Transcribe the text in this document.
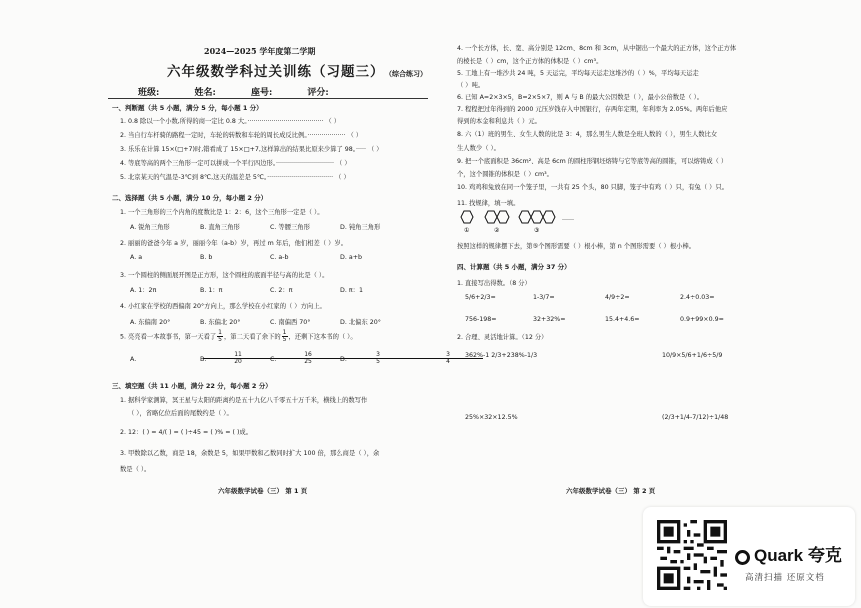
2024—2025 学年度第二学期
六年级数学科过关训练（习题三） （综合练习）
班级:	姓名:	座号:	评分:
一、判断题（共 5 小题，满分 5 分，每小题 1 分）
1. 0.8 除以一个小数,所得的商一定比 0.8 大。······································ （ ）
2. 当自行车杆骑的路程一定时，车轮的转数和车轮的周长成反比例。··················· （ ）
3. 乐乐在计算 15×(□+7)时,错看成了 15×□+7,这样算出的结果比原来少算了 98。····· （ ）
4. 等底等高的两个三角形一定可以拼成一个平行四边形。····························· （ ）
5. 北京某天的气温是-3℃到 8℃,这天的温差是 5℃。································· （ ）
二、选择题（共 5 小题，满分 10 分，每小题 2 分）
1. 一个三角形的三个内角的度数比是 1：2：6，这个三角形一定是（ ）。
A. 锐角三角形	B. 直角三角形	C. 等腰三角形	D. 钝角三角形
2. 丽丽的爸爸今年 a 岁，丽丽今年（a-b）岁，再过 m 年后，他们相差（ ）岁。
A. a	B. b	C. a-b	D. a+b
3. 一个圆柱的侧面展开图是正方形，这个圆柱的底面半径与高的比是（ ）。
A. 1：2π	B. 1：π	C. 2：π	D. π：1
4. 小红家在学校的西偏南 20°方向上，那么学校在小红家的（ ）方向上。
A. 东偏南 20°	B. 东偏北 20°	C. 南偏西 70°	D. 北偏东 20°
5. 亮亮看一本故事书，第一天看了 $\frac{1}{5}$ ，第二天看了余下的 $\frac{1}{5}$ ，还剩下这本书的（ ）。
A.	$\frac{11}{20}$
B.	$\frac{16}{25}$
C.	$\frac{3}{5}$
D.	$\frac{3}{4}$
三、填空题（共 11 小题，满分 22 分，每小题 2 分）
1. 据科学家测算，冥王星与太阳的距离约是五十九亿八千零五十万千米，横线上的数写作
（ ），省略亿位后面的尾数约是（ ）。
2. 12：( ) = 4/( ) = ( )÷45 = ( )% = ( )成。
3. 甲数除以乙数，商是 18，余数是 5，如果甲数和乙数同时扩大 100 倍，那么商是（ ），余
数是（ ）。
六年级数学试卷（三） 第 1 页
4. 一个长方体，长、宽、高分别是 12cm、8cm 和 3cm，从中锯出一个最大的正方体，这个正方体
的棱长是（ ）cm，这个正方体的体积是（ ）cm³。
5. 工地上有一堆沙共 24 吨，5 天运完，平均每天运走这堆沙的（ ）%，平均每天运走
（ ）吨。
6. 已知 A=2×3×5，B=2×5×7，则 A 与 B 的最大公因数是（ ），最小公倍数是（ ）。
7. 程程把过年得到的 2000 元压岁钱存入中国银行，存两年定期，年利率为 2.05%。两年后他应
得到的本金和利息共（ ）元。
8. 六（1）班的男生、女生人数的比是 3：4，那么男生人数是全班人数的（ ），男生人数比女
生人数少（ ）。
9. 把一个底面积是 36cm²、高是 6cm 的圆柱形钢坯熔铸与它等底等高的圆锥，可以熔铸成（ ）
个，这个圆锥的体积是（ ）cm³。
10. 鸡鸡和兔放在同一个笼子里，一共有 25 个头，80 只脚，笼子中有鸡（ ）只，有兔（ ）只。
11. 找规律，填一填。
①	②	③
……
按照这样的规律摆下去，第⑤个图形需要（ ）根小棒，第 n 个图形需要（ ）根小棒。
四、计算题（共 5 小题，满分 37 分）
1. 直接写出得数。（8 分）
5/6+2/3=	1-3/7=	4/9÷2=	2.4÷0.03=
756-198=	32+32%=	15.4+4.6=	0.9+99×0.9=
2. 合理、灵活地计算。（12 分）
362%-1 2/3+238%-1/3	10/9×5/6+1/6÷5/9
25%×32×12.5%	(2/3+1/4-7/12)÷1/48
六年级数学试卷（三） 第 2 页
Quark 夸克
高清扫描 还原文档
